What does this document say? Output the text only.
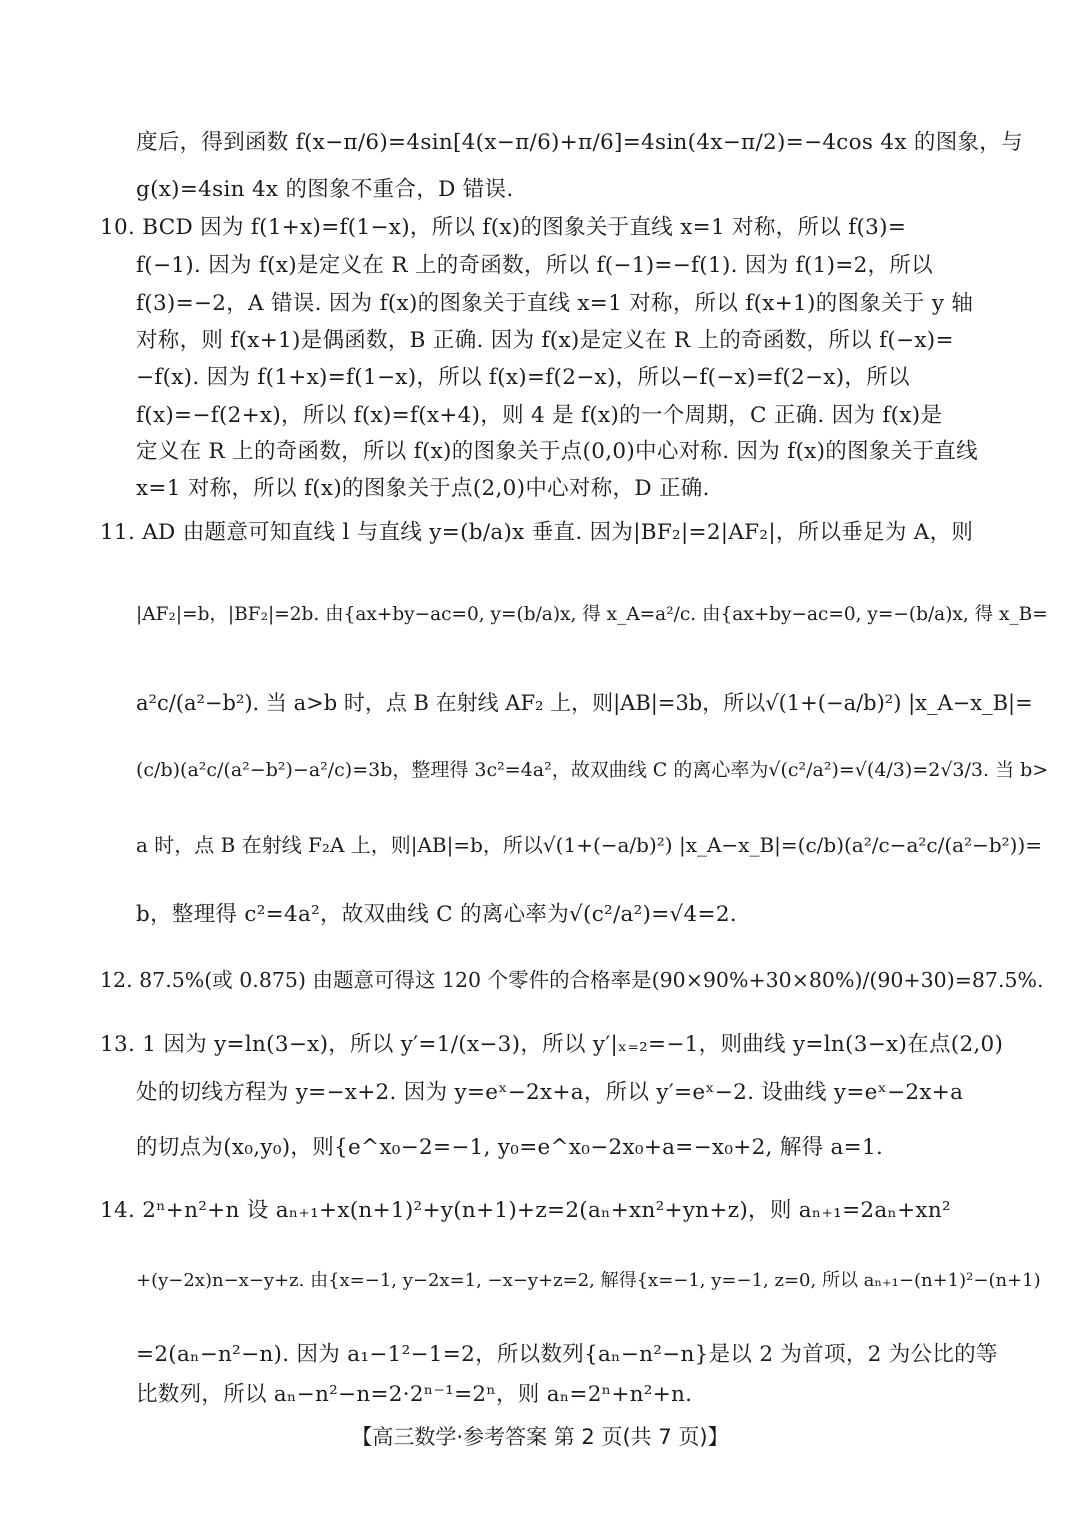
度后，得到函数 f(x−π/6)=4sin[4(x−π/6)+π/6]=4sin(4x−π/2)=−4cos 4x 的图象，与
g(x)=4sin 4x 的图象不重合，D 错误.
10. BCD 因为 f(1+x)=f(1−x)，所以 f(x)的图象关于直线 x=1 对称，所以 f(3)=
f(−1). 因为 f(x)是定义在 R 上的奇函数，所以 f(−1)=−f(1). 因为 f(1)=2，所以
f(3)=−2，A 错误. 因为 f(x)的图象关于直线 x=1 对称，所以 f(x+1)的图象关于 y 轴
对称，则 f(x+1)是偶函数，B 正确. 因为 f(x)是定义在 R 上的奇函数，所以 f(−x)=
−f(x). 因为 f(1+x)=f(1−x)，所以 f(x)=f(2−x)，所以−f(−x)=f(2−x)，所以
f(x)=−f(2+x)，所以 f(x)=f(x+4)，则 4 是 f(x)的一个周期，C 正确. 因为 f(x)是
定义在 R 上的奇函数，所以 f(x)的图象关于点(0,0)中心对称. 因为 f(x)的图象关于直线
x=1 对称，所以 f(x)的图象关于点(2,0)中心对称，D 正确.
11. AD 由题意可知直线 l 与直线 y=(b/a)x 垂直. 因为|BF₂|=2|AF₂|，所以垂足为 A，则
|AF₂|=b，|BF₂|=2b. 由{ax+by−ac=0, y=(b/a)x, 得 x_A=a²/c. 由{ax+by−ac=0, y=−(b/a)x, 得 x_B=
a²c/(a²−b²). 当 a>b 时，点 B 在射线 AF₂ 上，则|AB|=3b，所以√(1+(−a/b)²) |x_A−x_B|=
(c/b)(a²c/(a²−b²)−a²/c)=3b，整理得 3c²=4a²，故双曲线 C 的离心率为√(c²/a²)=√(4/3)=2√3/3. 当 b>
a 时，点 B 在射线 F₂A 上，则|AB|=b，所以√(1+(−a/b)²) |x_A−x_B|=(c/b)(a²/c−a²c/(a²−b²))=
b，整理得 c²=4a²，故双曲线 C 的离心率为√(c²/a²)=√4=2.
12. 87.5%(或 0.875) 由题意可得这 120 个零件的合格率是(90×90%+30×80%)/(90+30)=87.5%.
13. 1 因为 y=ln(3−x)，所以 y′=1/(x−3)，所以 y′|ₓ₌₂=−1，则曲线 y=ln(3−x)在点(2,0)
处的切线方程为 y=−x+2. 因为 y=eˣ−2x+a，所以 y′=eˣ−2. 设曲线 y=eˣ−2x+a
的切点为(x₀,y₀)，则{e^x₀−2=−1, y₀=e^x₀−2x₀+a=−x₀+2, 解得 a=1.
14. 2ⁿ+n²+n 设 aₙ₊₁+x(n+1)²+y(n+1)+z=2(aₙ+xn²+yn+z)，则 aₙ₊₁=2aₙ+xn²
+(y−2x)n−x−y+z. 由{x=−1, y−2x=1, −x−y+z=2, 解得{x=−1, y=−1, z=0, 所以 aₙ₊₁−(n+1)²−(n+1)
=2(aₙ−n²−n). 因为 a₁−1²−1=2，所以数列{aₙ−n²−n}是以 2 为首项，2 为公比的等
比数列，所以 aₙ−n²−n=2·2ⁿ⁻¹=2ⁿ，则 aₙ=2ⁿ+n²+n.
【高三数学·参考答案 第 2 页(共 7 页)】
